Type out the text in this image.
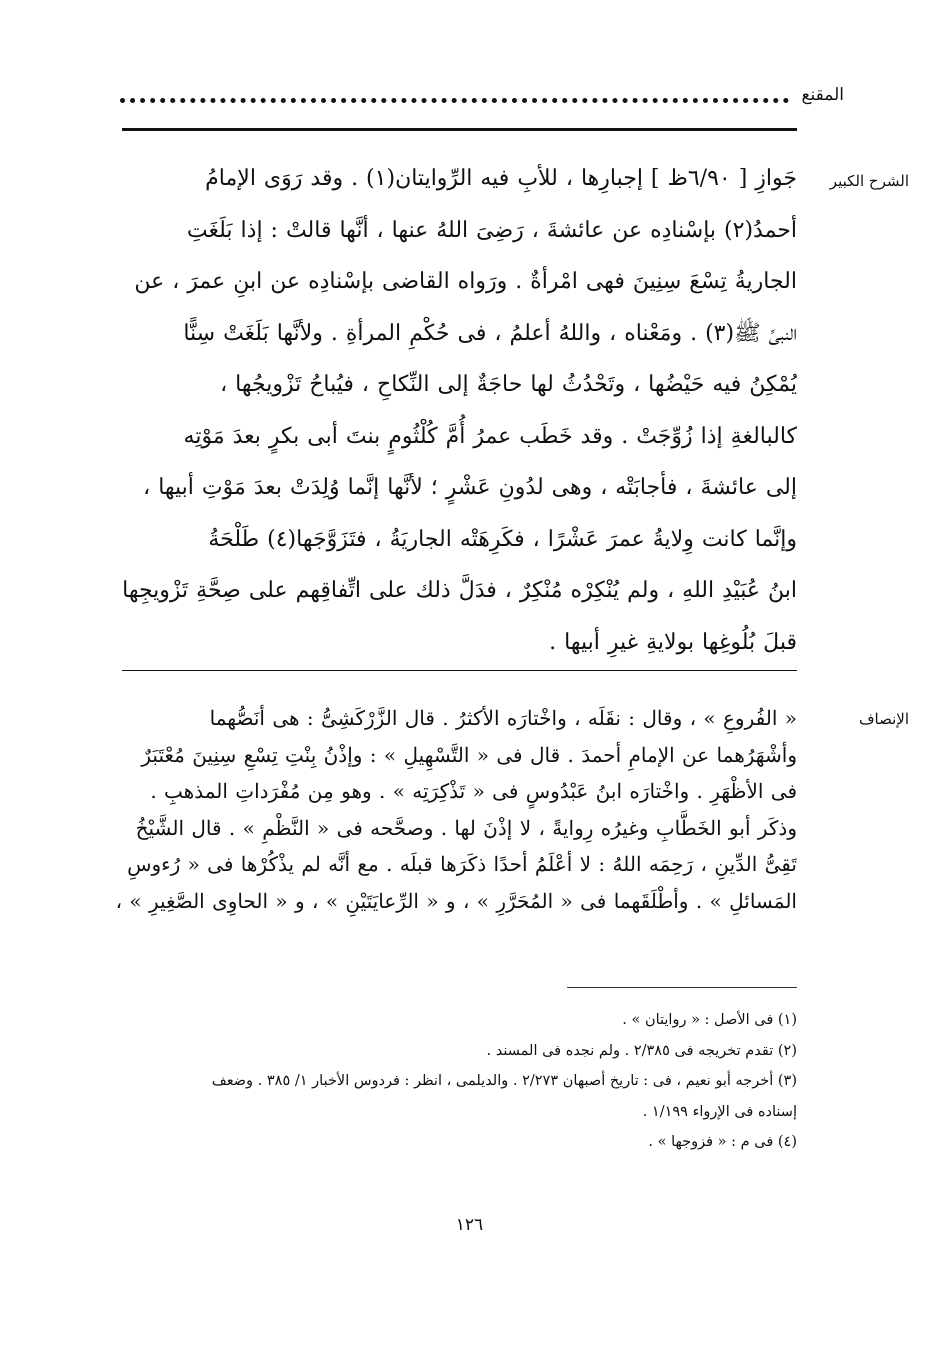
المقنع
الشرح الكبير
جَوازِ [ ٦/٩٠ظ ] إجبارِها ، للأبِ فيه الرِّوايتان(١) . وقد رَوَى الإمامُ
أحمدُ(٢) بإسْنادِه عن عائشةَ ، رَضِىَ اللهُ عنها ، أنَّها قالتْ : إذا بَلَغَتِ
الجاريةُ تِسْعَ سِنِينَ فهى امْرأةٌ . ورَواه القاضى بإسْنادِه عن ابنِ عمرَ ، عن
النبىِّ ﷺ(٣) . ومَعْناه ، واللهُ أعلمُ ، فى حُكْمِ المرأةِ . ولأنَّها بَلَغَتْ سِنًّا
يُمْكِنُ فيه حَيْضُها ، وتَحْدُثُ لها حاجَةٌ إلى النِّكاحِ ، فيُباحُ تَزْويجُها ،
كالبالغةِ إذا زُوِّجَتْ . وقد خَطَب عمرُ أُمَّ كُلْثُومٍ بنتَ أبى بكرٍ بعدَ مَوْتِه
إلى عائشةَ ، فأجابَتْه ، وهى لدُونِ عَشْرٍ ؛ لأنَّها إنَّما وُلِدَتْ بعدَ مَوْتِ أبيها ،
وإنَّما كانت وِلايةُ عمرَ عَشْرًا ، فكَرِهَتْه الجاريَةُ ، فتَزَوَّجَها(٤) طَلْحَةُ
ابنُ عُبَيْدِ اللهِ ، ولم يُنْكِرْه مُنْكِرٌ ، فدَلَّ ذلك على اتِّفاقِهم على صِحَّةِ تَزْويجِها
قبلَ بُلُوغِها بولايةِ غيرِ أبيها .
الإنصاف
« الفُروعِ » ، وقال : نقَلَه ، واخْتارَه الأكثرُ . قال الزَّرْكَشِىُّ : هى أنَصُّهما
وأشْهَرُهما عن الإمامِ أحمدَ . قال فى « التَّسْهِيلِ » : وإذْنُ بِنْتِ تِسْعِ سِنِينَ مُعْتَبَرٌ
فى الأظْهَرِ . واخْتارَه ابنُ عَبْدُوسٍ فى « تَذْكِرَتِه » . وهو مِن مُفْرَداتِ المذهبِ .
وذكَر أبو الخَطَّابِ وغيرُه رِوايةً ، لا إذْنَ لها . وصحَّحه فى « النَّظْمِ » . قال الشَّيْخُ
تَقِىُّ الدِّينِ ، رَحِمَه اللهُ : لا أعْلَمُ أحدًا ذكَرَها قبلَه . مع أنَّه لم يذْكُرْها فى « رُءوسِ
المَسائلِ » . وأطْلَقَهما فى « المُحَرَّرِ » ، و « الرِّعايَتَيْنِ » ، و « الحاوِى الصَّغِيرِ » ،
(١) فى الأصل : « روايتان » .
(٢) تقدم تخريجه فى ٢/٣٨٥ . ولم نجده فى المسند .
(٣) أخرجه أبو نعيم ، فى : تاريخ أصبهان ٢/٢٧٣ . والديلمى ، انظر : فردوس الأخبار ١/ ٣٨٥ . وضعف
إسناده فى الإرواء ١/١٩٩ .
(٤) فى م : « فزوجها » .
١٢٦
